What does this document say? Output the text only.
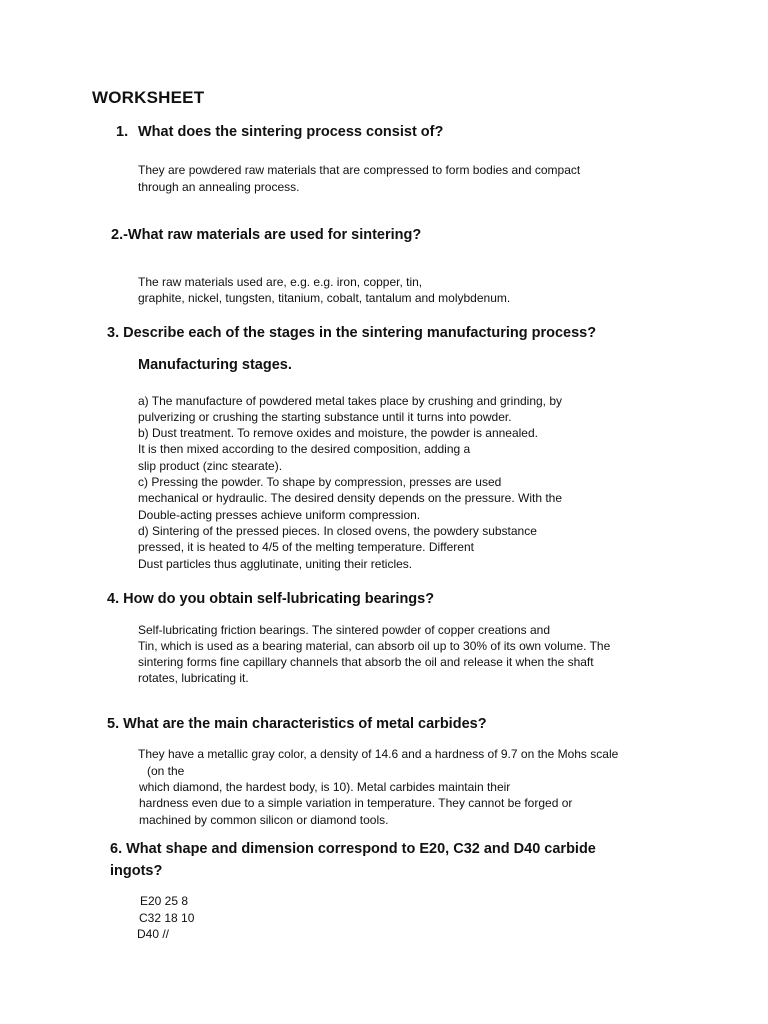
WORKSHEET
1. What does the sintering process consist of?
They are powdered raw materials that are compressed to form bodies and compact
through an annealing process.
2.-What raw materials are used for sintering?
The raw materials used are, e.g. e.g. iron, copper, tin,
graphite, nickel, tungsten, titanium, cobalt, tantalum and molybdenum.
3. Describe each of the stages in the sintering manufacturing process?
Manufacturing stages.
a) The manufacture of powdered metal takes place by crushing and grinding, by
pulverizing or crushing the starting substance until it turns into powder.
b) Dust treatment. To remove oxides and moisture, the powder is annealed.
It is then mixed according to the desired composition, adding a
slip product (zinc stearate).
c) Pressing the powder. To shape by compression, presses are used
mechanical or hydraulic. The desired density depends on the pressure. With the
Double-acting presses achieve uniform compression.
d) Sintering of the pressed pieces. In closed ovens, the powdery substance
pressed, it is heated to 4/5 of the melting temperature. Different
Dust particles thus agglutinate, uniting their reticles.
4. How do you obtain self-lubricating bearings?
Self-lubricating friction bearings. The sintered powder of copper creations and
Tin, which is used as a bearing material, can absorb oil up to 30% of its own volume. The
sintering forms fine capillary channels that absorb the oil and release it when the shaft
rotates, lubricating it.
5. What are the main characteristics of metal carbides?
They have a metallic gray color, a density of 14.6 and a hardness of 9.7 on the Mohs scale
(on the
which diamond, the hardest body, is 10). Metal carbides maintain their
hardness even due to a simple variation in temperature. They cannot be forged or
machined by common silicon or diamond tools.
6. What shape and dimension correspond to E20, C32 and D40 carbide
ingots?
E20 25 8
C32 18 10
D40 //
